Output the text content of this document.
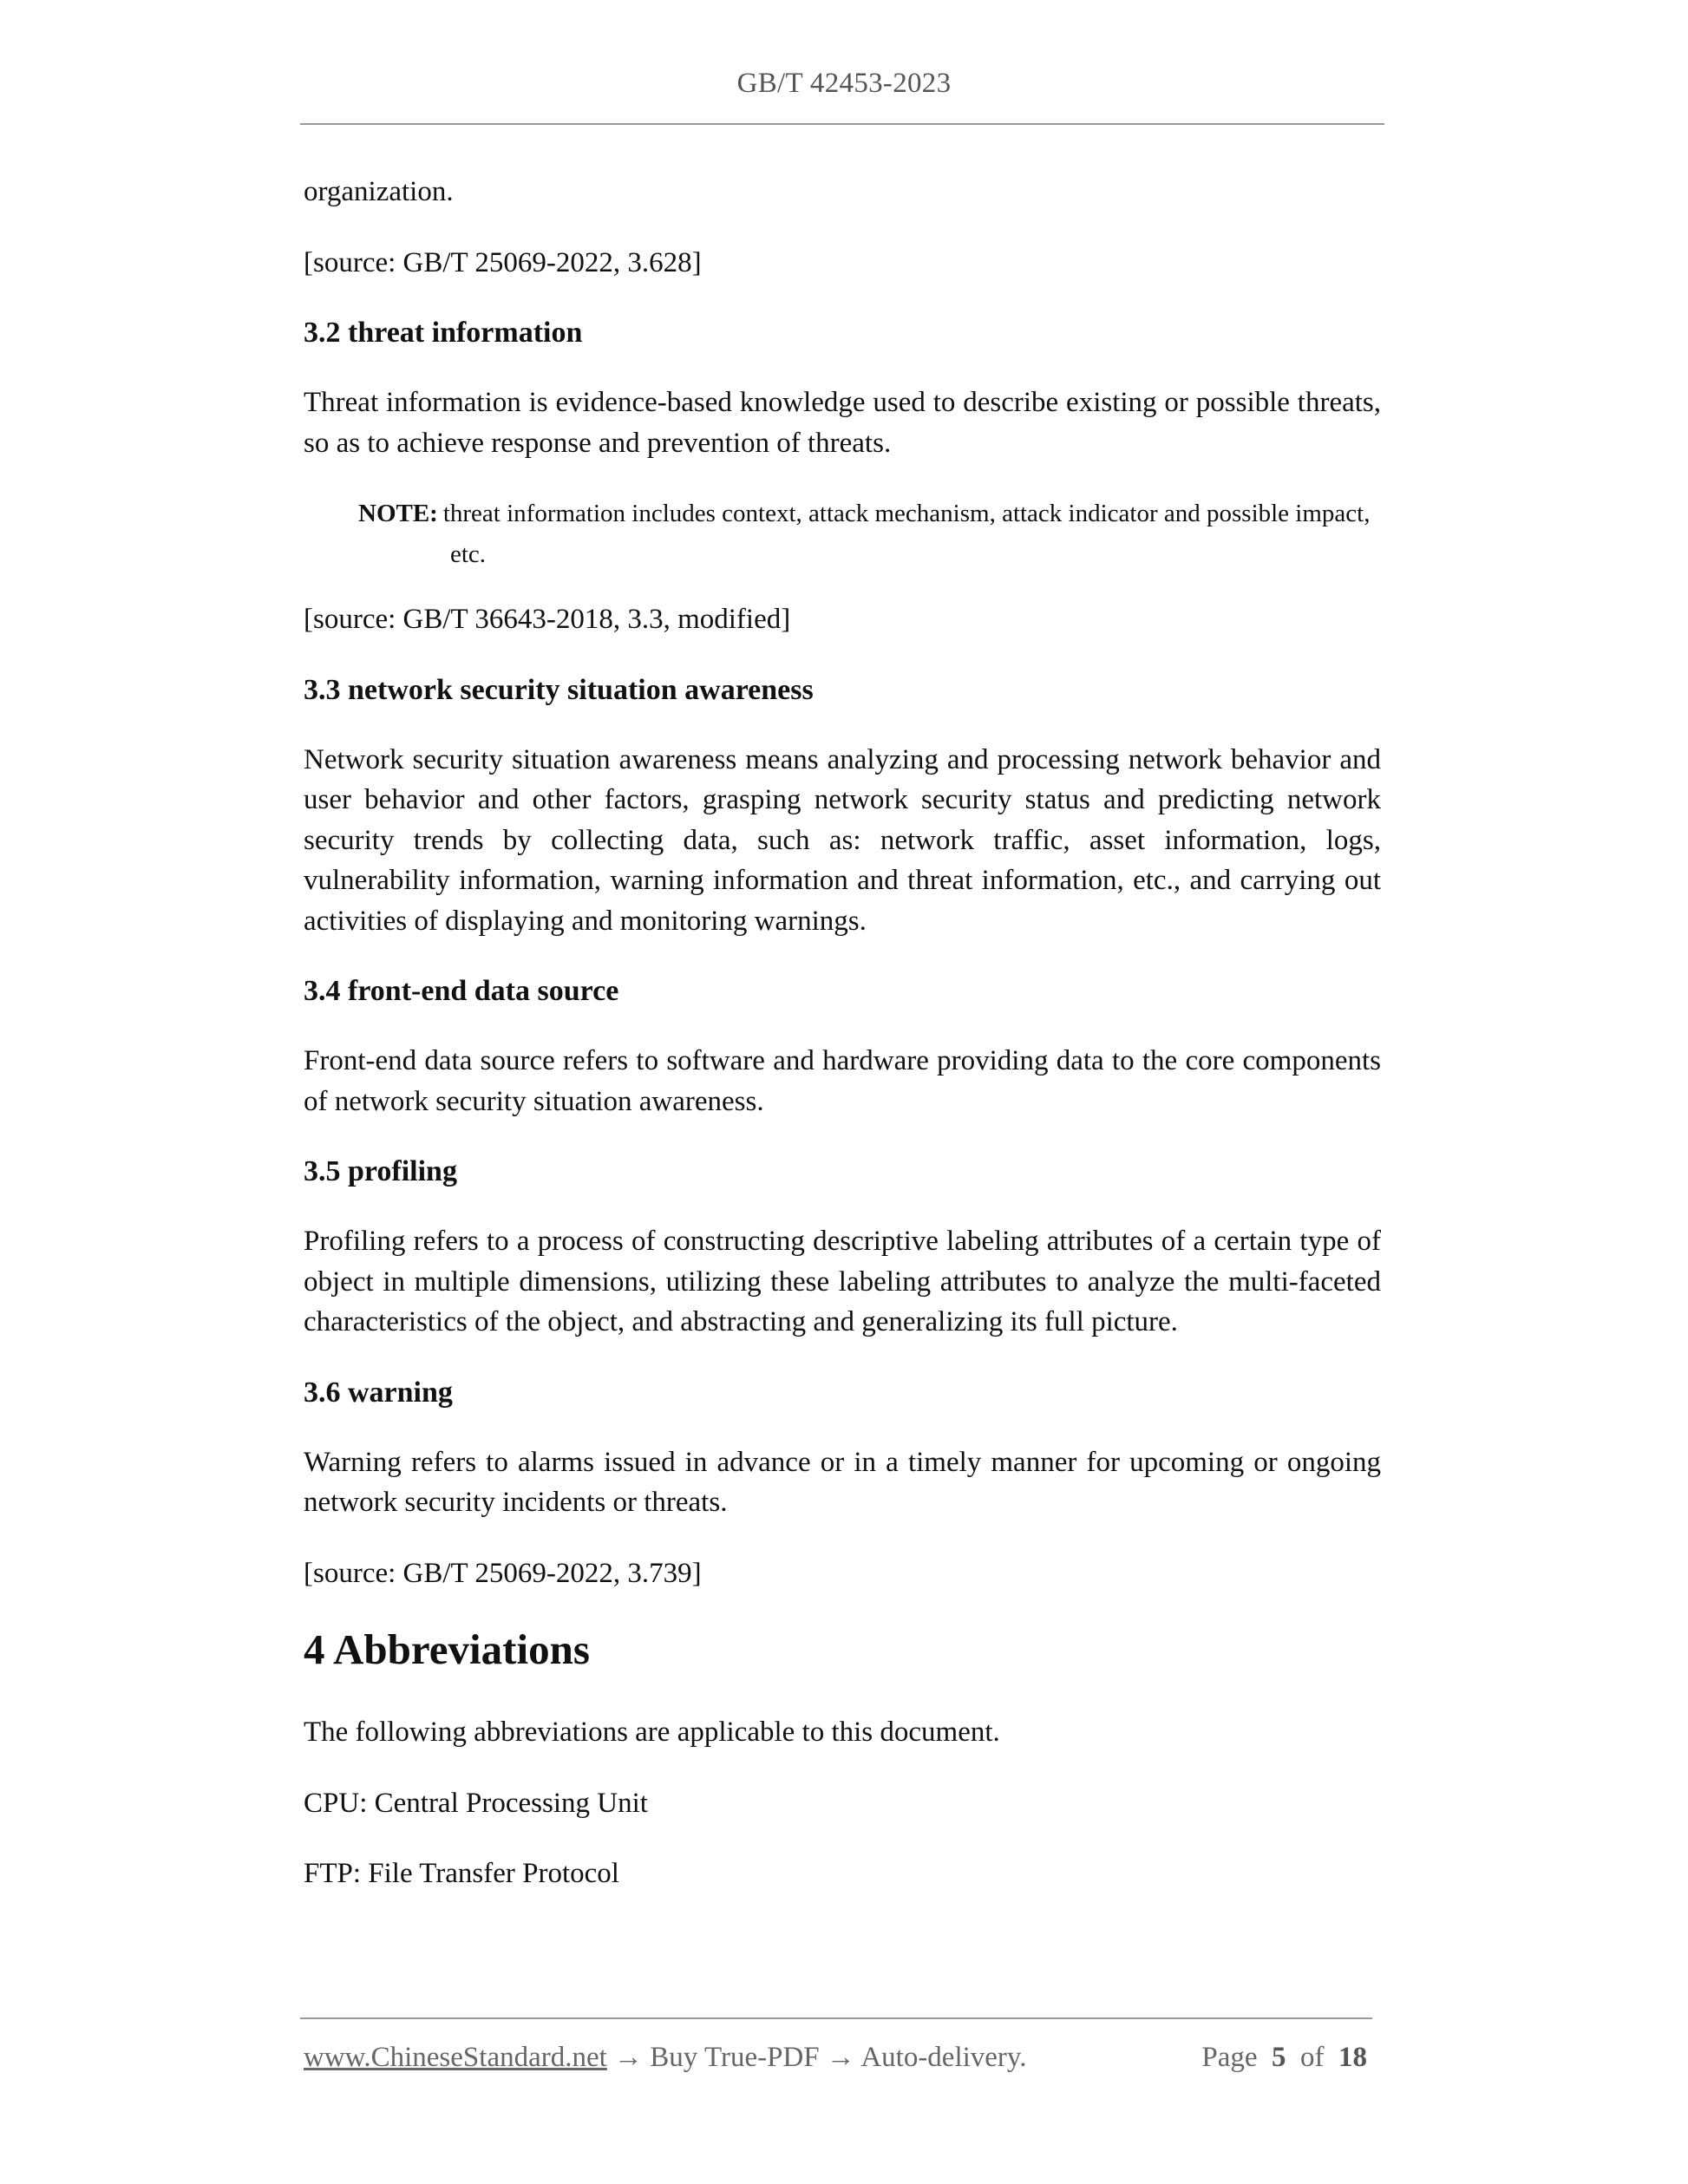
GB/T 42453-2023

organization.

[source: GB/T 25069-2022, 3.628]

3.2 threat information

Threat information is evidence-based knowledge used to describe existing or possible threats, so as to achieve response and prevention of threats.

NOTE: threat information includes context, attack mechanism, attack indicator and possible impact,
etc.

[source: GB/T 36643-2018, 3.3, modified]

3.3 network security situation awareness

Network security situation awareness means analyzing and processing network behavior and user behavior and other factors, grasping network security status and predicting network security trends by collecting data, such as: network traffic, asset information, logs, vulnerability information, warning information and threat information, etc., and carrying out activities of displaying and monitoring warnings.

3.4 front-end data source

Front-end data source refers to software and hardware providing data to the core components of network security situation awareness.

3.5 profiling

Profiling refers to a process of constructing descriptive labeling attributes of a certain type of object in multiple dimensions, utilizing these labeling attributes to analyze the multi-faceted characteristics of the object, and abstracting and generalizing its full picture.

3.6 warning

Warning refers to alarms issued in advance or in a timely manner for upcoming or ongoing network security incidents or threats.

[source: GB/T 25069-2022, 3.739]

4 Abbreviations

The following abbreviations are applicable to this document.

CPU: Central Processing Unit

FTP: File Transfer Protocol

www.ChineseStandard.net → Buy True-PDF → Auto-delivery.	Page 5 of 18
